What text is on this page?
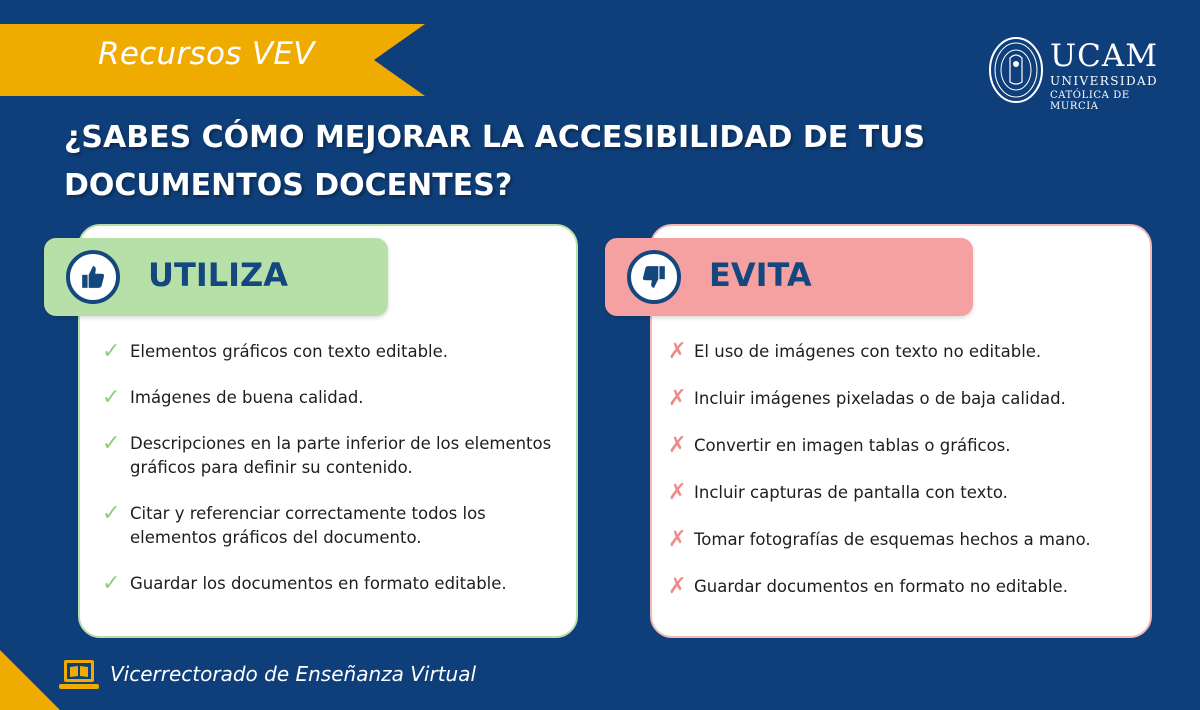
Recursos VEV	UCAM
UNIVERSIDAD
CATÓLICA DE MURCIA
¿SABES CÓMO MEJORAR LA ACCESIBILIDAD DE TUS DOCUMENTOS DOCENTES?
UTILIZA
✓ Elementos gráficos con texto editable.
✓ Imágenes de buena calidad.
✓ Descripciones en la parte inferior de los elementos gráficos para definir su contenido.
✓ Citar y referenciar correctamente todos los elementos gráficos del documento.
✓ Guardar los documentos en formato editable.
EVITA
✗ El uso de imágenes con texto no editable.
✗ Incluir imágenes pixeladas o de baja calidad.
✗ Convertir en imagen tablas o gráficos.
✗ Incluir capturas de pantalla con texto.
✗ Tomar fotografías de esquemas hechos a mano.
✗ Guardar documentos en formato no editable.
Vicerrectorado de Enseñanza Virtual
